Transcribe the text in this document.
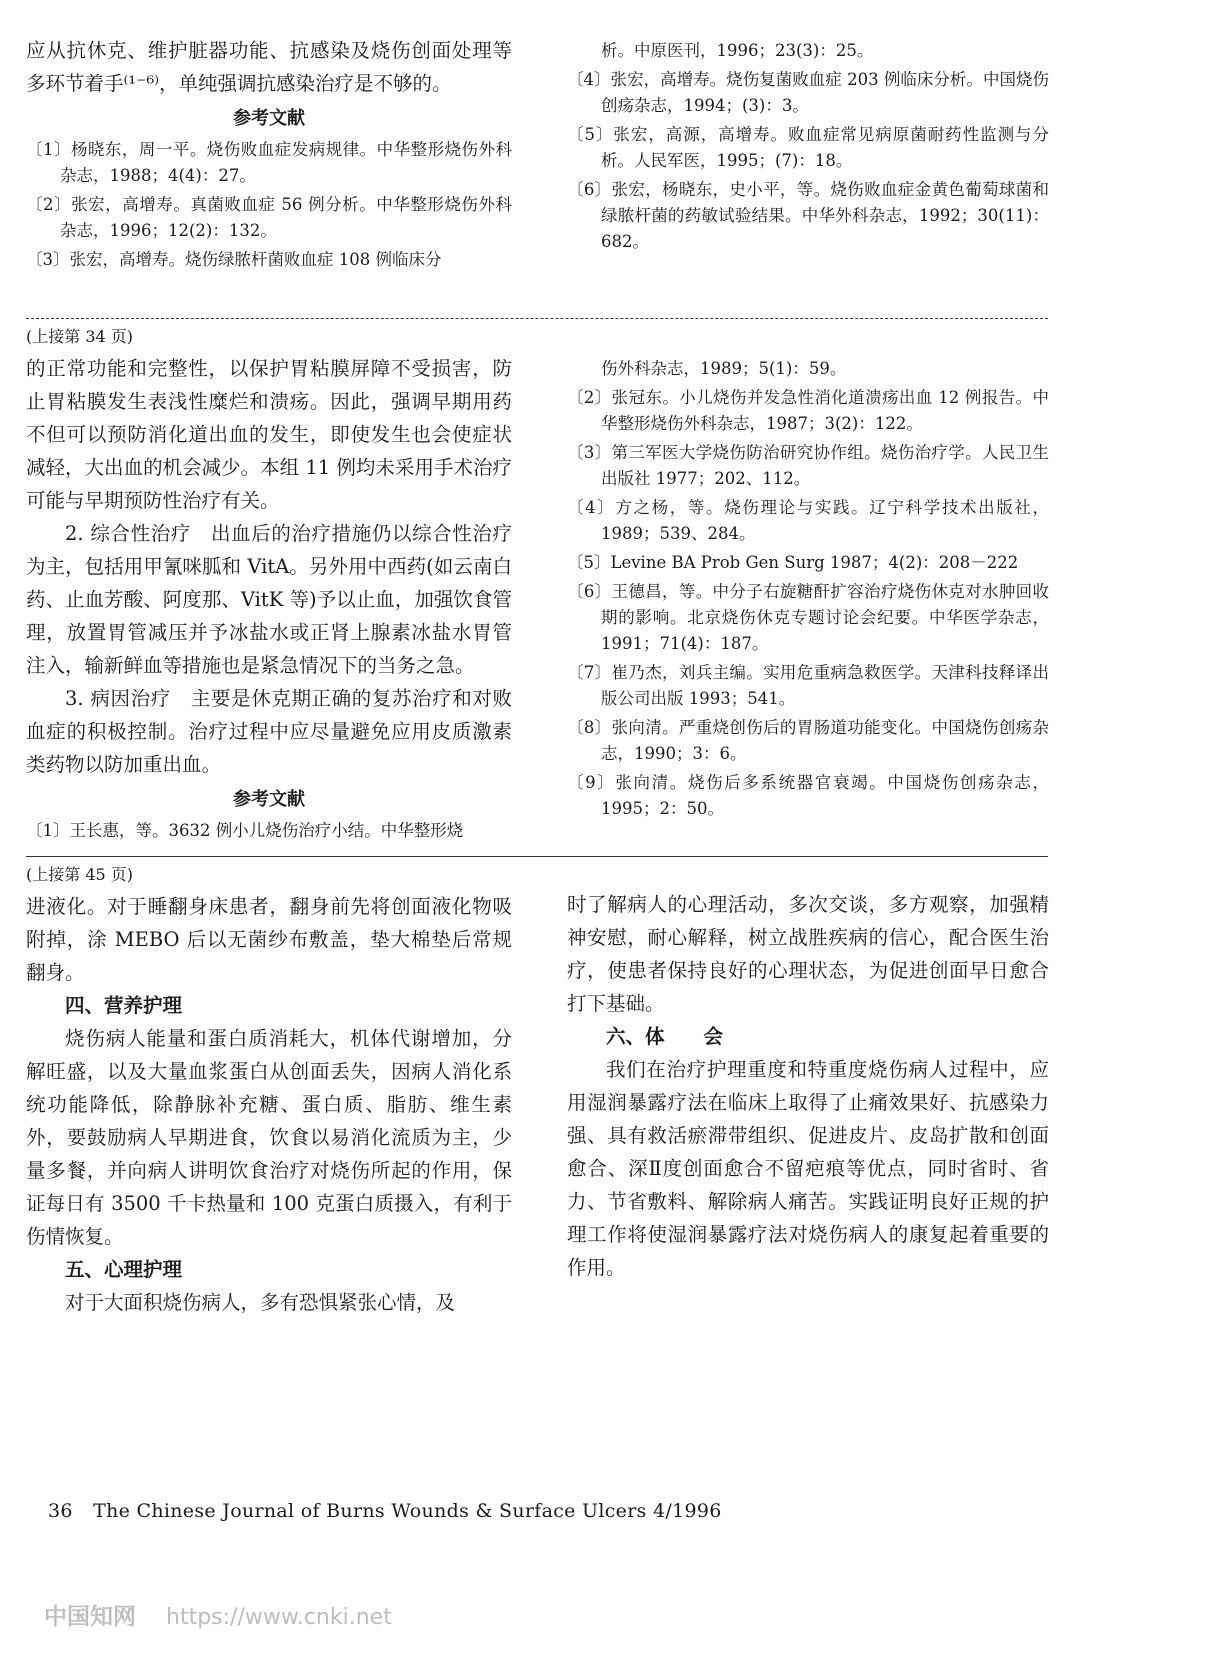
应从抗休克、维护脏器功能、抗感染及烧伤创面处理等多环节着手⁽¹⁻⁶⁾，单纯强调抗感染治疗是不够的。

参考文献

〔1〕杨晓东，周一平。烧伤败血症发病规律。中华整形烧伤外科杂志，1988；4(4)：27。

〔2〕张宏，高增寿。真菌败血症 56 例分析。中华整形烧伤外科杂志，1996；12(2)：132。

〔3〕张宏，高增寿。烧伤绿脓杆菌败血症 108 例临床分

析。中原医刊，1996；23(3)：25。

〔4〕张宏，高增寿。烧伤复菌败血症 203 例临床分析。中国烧伤创疡杂志，1994；(3)：3。

〔5〕张宏，高源，高增寿。败血症常见病原菌耐药性监测与分析。人民军医，1995；(7)：18。

〔6〕张宏，杨晓东，史小平，等。烧伤败血症金黄色葡萄球菌和绿脓杆菌的药敏试验结果。中华外科杂志，1992；30(11)：682。

(上接第 34 页)

的正常功能和完整性，以保护胃粘膜屏障不受损害，防止胃粘膜发生表浅性糜烂和溃疡。因此，强调早期用药不但可以预防消化道出血的发生，即使发生也会使症状减轻，大出血的机会减少。本组 11 例均未采用手术治疗可能与早期预防性治疗有关。

2. 综合性治疗　出血后的治疗措施仍以综合性治疗为主，包括用甲氰咪胍和 VitA。另外用中西药(如云南白药、止血芳酸、阿度那、VitK 等)予以止血，加强饮食管理，放置胃管减压并予冰盐水或正肾上腺素冰盐水胃管注入，输新鲜血等措施也是紧急情况下的当务之急。

3. 病因治疗　主要是休克期正确的复苏治疗和对败血症的积极控制。治疗过程中应尽量避免应用皮质激素类药物以防加重出血。

参考文献

〔1〕王长惠，等。3632 例小儿烧伤治疗小结。中华整形烧

伤外科杂志，1989；5(1)：59。

〔2〕张冠东。小儿烧伤并发急性消化道溃疡出血 12 例报告。中华整形烧伤外科杂志，1987；3(2)：122。

〔3〕第三军医大学烧伤防治研究协作组。烧伤治疗学。人民卫生出版社 1977；202、112。

〔4〕方之杨，等。烧伤理论与实践。辽宁科学技术出版社，1989；539、284。

〔5〕Levine BA Prob Gen Surg 1987；4(2)：208－222

〔6〕王德昌，等。中分子右旋糖酐扩容治疗烧伤休克对水肿回收期的影响。北京烧伤休克专题讨论会纪要。中华医学杂志，1991；71(4)：187。

〔7〕崔乃杰，刘兵主编。实用危重病急救医学。天津科技释译出版公司出版 1993；541。

〔8〕张向清。严重烧创伤后的胃肠道功能变化。中国烧伤创疡杂志，1990；3：6。

〔9〕张向清。烧伤后多系统器官衰竭。中国烧伤创疡杂志，1995；2：50。

(上接第 45 页)

进液化。对于睡翻身床患者，翻身前先将创面液化物吸附掉，涂 MEBO 后以无菌纱布敷盖，垫大棉垫后常规翻身。

四、营养护理

烧伤病人能量和蛋白质消耗大，机体代谢增加，分解旺盛，以及大量血浆蛋白从创面丢失，因病人消化系统功能降低，除静脉补充糖、蛋白质、脂肪、维生素外，要鼓励病人早期进食，饮食以易消化流质为主，少量多餐，并向病人讲明饮食治疗对烧伤所起的作用，保证每日有 3500 千卡热量和 100 克蛋白质摄入，有利于伤情恢复。

五、心理护理

对于大面积烧伤病人，多有恐惧紧张心情，及

时了解病人的心理活动，多次交谈，多方观察，加强精神安慰，耐心解释，树立战胜疾病的信心，配合医生治疗，使患者保持良好的心理状态，为促进创面早日愈合打下基础。

六、体　　会

我们在治疗护理重度和特重度烧伤病人过程中，应用湿润暴露疗法在临床上取得了止痛效果好、抗感染力强、具有救活瘀滞带组织、促进皮片、皮岛扩散和创面愈合、深Ⅱ度创面愈合不留疤痕等优点，同时省时、省力、节省敷料、解除病人痛苦。实践证明良好正规的护理工作将使湿润暴露疗法对烧伤病人的康复起着重要的作用。

36 The Chinese Journal of Burns Wounds & Surface Ulcers 4/1996
中国知网 https://www.cnki.net
